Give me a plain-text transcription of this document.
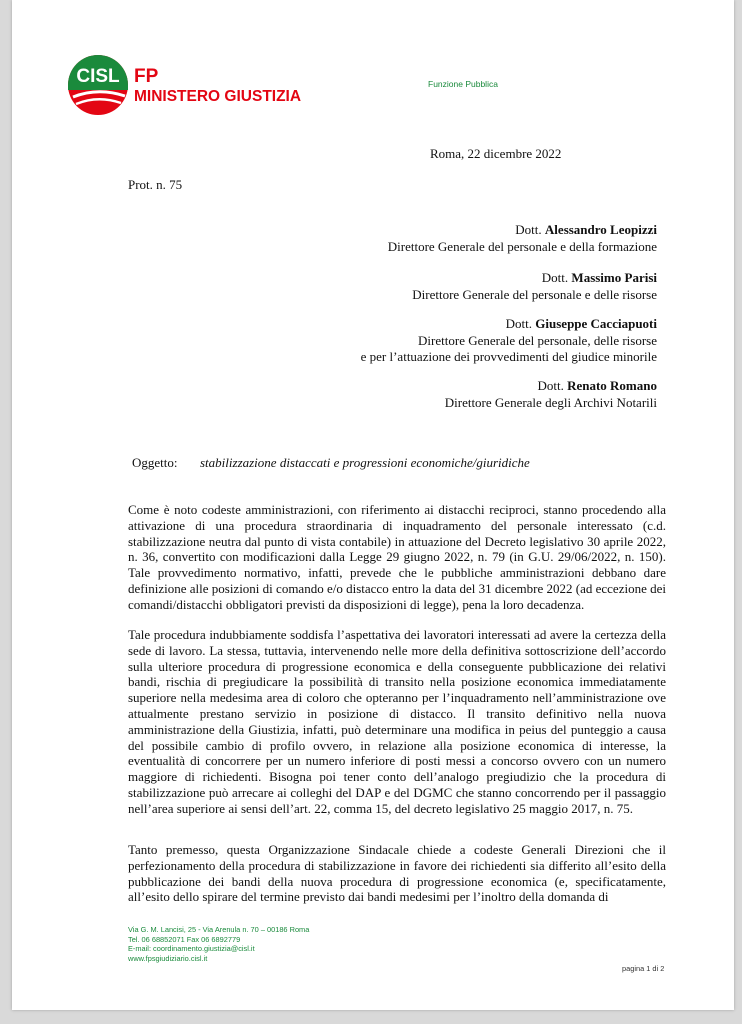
CISL FP
MINISTERO GIUSTIZIA
Funzione Pubblica
Roma, 22 dicembre 2022
Prot. n. 75
Dott. Alessandro Leopizzi
Direttore Generale del personale e della formazione
Dott. Massimo Parisi
Direttore Generale del personale e delle risorse
Dott. Giuseppe Cacciapuoti
Direttore Generale del personale, delle risorse
e per l’attuazione dei provvedimenti del giudice minorile
Dott. Renato Romano
Direttore Generale degli Archivi Notarili
Oggetto: stabilizzazione distaccati e progressioni economiche/giuridiche
Come è noto codeste amministrazioni, con riferimento ai distacchi reciproci, stanno procedendo alla attivazione di una procedura straordinaria di inquadramento del personale interessato (c.d. stabilizzazione neutra dal punto di vista contabile) in attuazione del Decreto legislativo 30 aprile 2022, n. 36, convertito con modificazioni dalla Legge 29 giugno 2022, n. 79 (in G.U. 29/06/2022, n. 150). Tale provvedimento normativo, infatti, prevede che le pubbliche amministrazioni debbano dare definizione alle posizioni di comando e/o distacco entro la data del 31 dicembre 2022 (ad eccezione dei comandi/distacchi obbligatori previsti da disposizioni di legge), pena la loro decadenza.
Tale procedura indubbiamente soddisfa l’aspettativa dei lavoratori interessati ad avere la certezza della sede di lavoro. La stessa, tuttavia, intervenendo nelle more della definitiva sottoscrizione dell’accordo sulla ulteriore procedura di progressione economica e della conseguente pubblicazione dei relativi bandi, rischia di pregiudicare la possibilità di transito nella posizione economica immediatamente superiore nella medesima area di coloro che opteranno per l’inquadramento nell’amministrazione ove attualmente prestano servizio in posizione di distacco. Il transito definitivo nella nuova amministrazione della Giustizia, infatti, può determinare una modifica in peius del punteggio a causa del possibile cambio di profilo ovvero, in relazione alla posizione economica di interesse, la eventualità di concorrere per un numero inferiore di posti messi a concorso ovvero con un numero maggiore di richiedenti. Bisogna poi tener conto dell’analogo pregiudizio che la procedura di stabilizzazione può arrecare ai colleghi del DAP e del DGMC che stanno concorrendo per il passaggio nell’area superiore ai sensi dell’art. 22, comma 15, del decreto legislativo 25 maggio 2017, n. 75.
Tanto premesso, questa Organizzazione Sindacale chiede a codeste Generali Direzioni che il perfezionamento della procedura di stabilizzazione in favore dei richiedenti sia differito all’esito della pubblicazione dei bandi della nuova procedura di progressione economica (e, specificatamente, all’esito dello spirare del termine previsto dai bandi medesimi per l’inoltro della domanda di
Via G. M. Lancisi, 25 - Via Arenula n. 70 – 00186 Roma
Tel. 06 68852071 Fax 06 6892779
E-mail: coordinamento.giustizia@cisl.it
www.fpsgiudiziario.cisl.it
pagina 1 di 2
